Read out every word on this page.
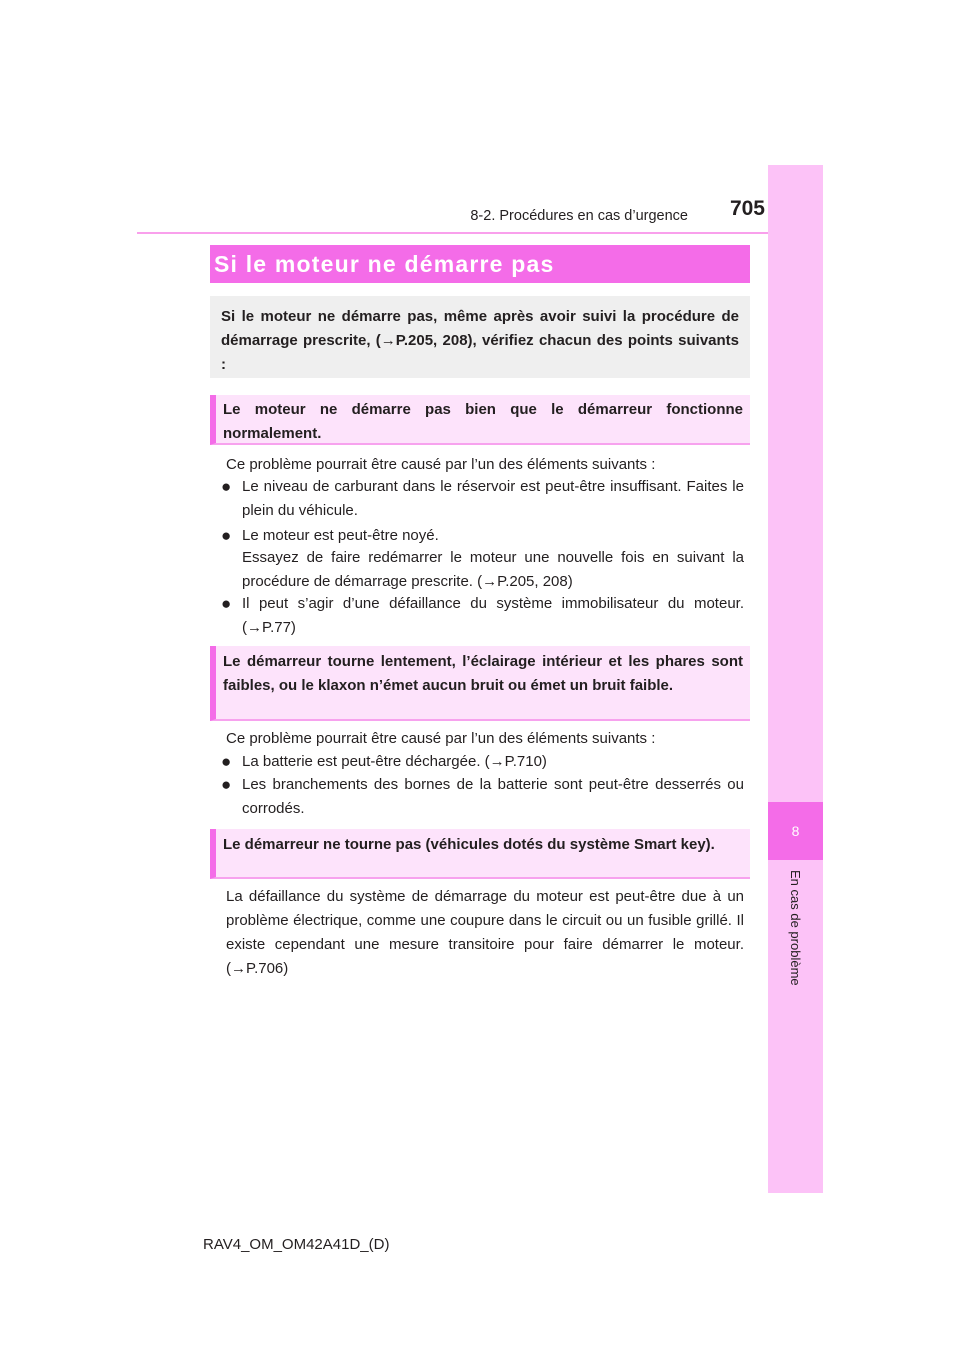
8-2. Procédures en cas d’urgence	705
8
En cas de problème
Si le moteur ne démarre pas
Si le moteur ne démarre pas, même après avoir suivi la procédure de démarrage prescrite, (→P.205, 208), vérifiez chacun des points suivants :
Le moteur ne démarre pas bien que le démarreur fonctionne normalement.
Ce problème pourrait être causé par l’un des éléments suivants :
● Le niveau de carburant dans le réservoir est peut-être insuffisant. Faites le plein du véhicule.
● Le moteur est peut-être noyé.
Essayez de faire redémarrer le moteur une nouvelle fois en suivant la procédure de démarrage prescrite. (→P.205, 208)
● Il peut s’agir d’une défaillance du système immobilisateur du moteur. (→P.77)
Le démarreur tourne lentement, l’éclairage intérieur et les phares sont faibles, ou le klaxon n’émet aucun bruit ou émet un bruit faible.
Ce problème pourrait être causé par l’un des éléments suivants :
● La batterie est peut-être déchargée. (→P.710)
● Les branchements des bornes de la batterie sont peut-être desserrés ou corrodés.
Le démarreur ne tourne pas (véhicules dotés du système Smart key).
La défaillance du système de démarrage du moteur est peut-être due à un problème électrique, comme une coupure dans le circuit ou un fusible grillé. Il existe cependant une mesure transitoire pour faire démarrer le moteur. (→P.706)
RAV4_OM_OM42A41D_(D)
